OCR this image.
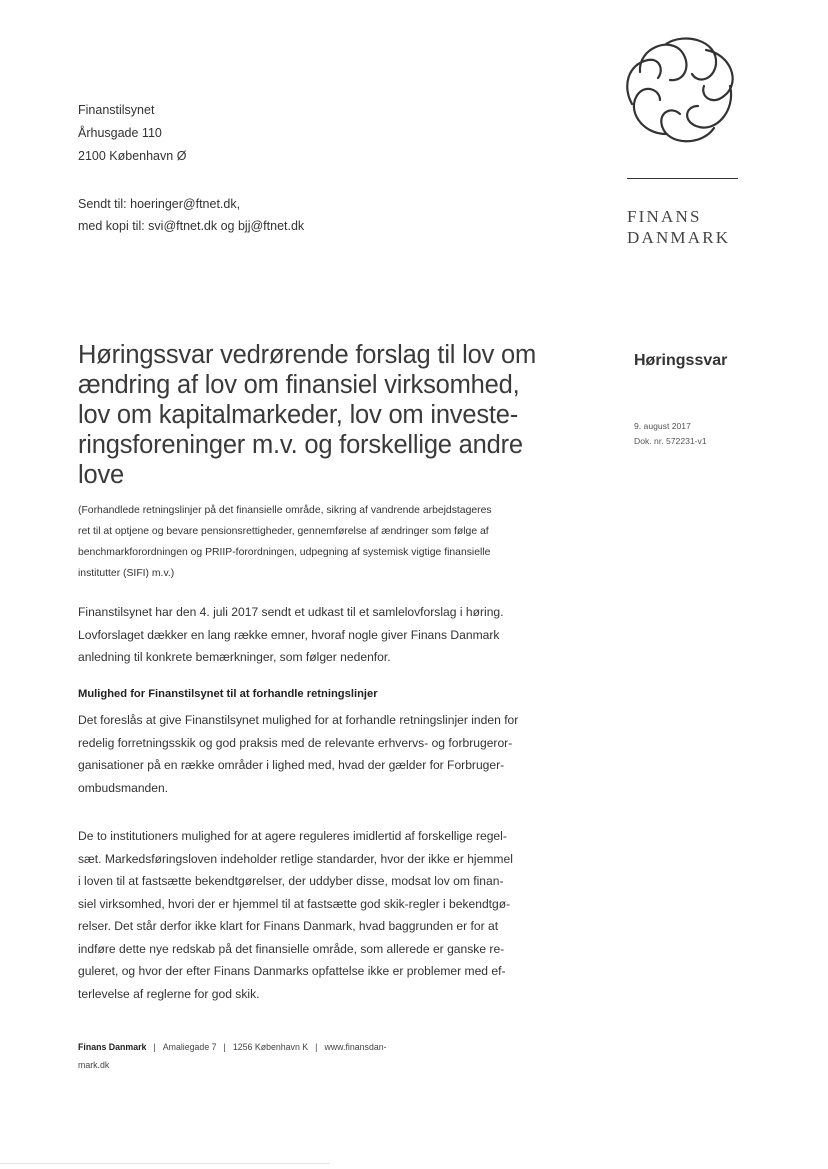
Finanstilsynet
Århusgade 110
2100 København Ø
Sendt til: hoeringer@ftnet.dk,
med kopi til: svi@ftnet.dk og bjj@ftnet.dk	FINANS
DANMARK
Høringssvar vedrørende forslag til lov om
ændring af lov om finansiel virksomhed,
lov om kapitalmarkeder, lov om investe-
ringsforeninger m.v. og forskellige andre
love
(Forhandlede retningslinjer på det finansielle område, sikring af vandrende arbejdstageres
ret til at optjene og bevare pensionsrettigheder, gennemførelse af ændringer som følge af
benchmarkforordningen og PRIIP-forordningen, udpegning af systemisk vigtige finansielle
institutter (SIFI) m.v.)
Høringssvar
9. august 2017
Dok. nr. 572231-v1
Finanstilsynet har den 4. juli 2017 sendt et udkast til et samlelovforslag i høring.
Lovforslaget dækker en lang række emner, hvoraf nogle giver Finans Danmark
anledning til konkrete bemærkninger, som følger nedenfor.
Mulighed for Finanstilsynet til at forhandle retningslinjer
Det foreslås at give Finanstilsynet mulighed for at forhandle retningslinjer inden for
redelig forretningsskik og god praksis med de relevante erhvervs- og forbrugeror-
ganisationer på en række områder i lighed med, hvad der gælder for Forbruger-
ombudsmanden.
De to institutioners mulighed for at agere reguleres imidlertid af forskellige regel-
sæt. Markedsføringsloven indeholder retlige standarder, hvor der ikke er hjemmel
i loven til at fastsætte bekendtgørelser, der uddyber disse, modsat lov om finan-
siel virksomhed, hvori der er hjemmel til at fastsætte god skik-regler i bekendtgø-
relser. Det står derfor ikke klart for Finans Danmark, hvad baggrunden er for at
indføre dette nye redskab på det finansielle område, som allerede er ganske re-
guleret, og hvor der efter Finans Danmarks opfattelse ikke er problemer med ef-
terlevelse af reglerne for god skik.
Finans Danmark | Amaliegade 7 | 1256 København K | www.finansdan-
mark.dk
